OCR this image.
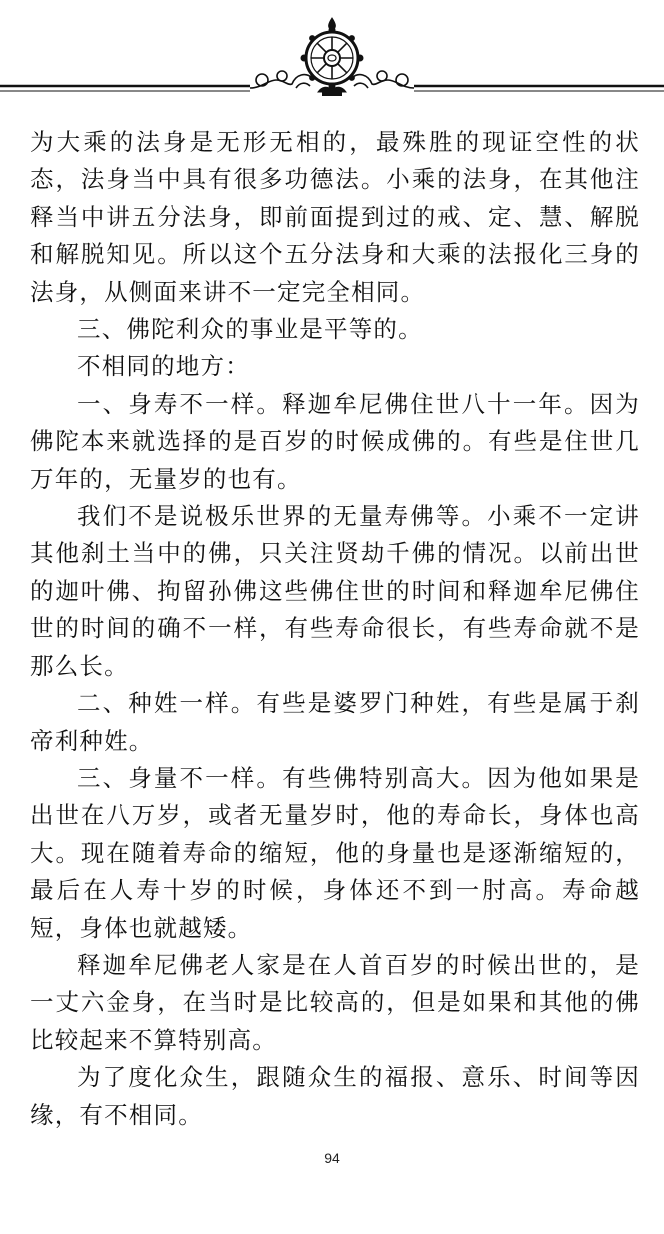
为大乘的法身是无形无相的，最殊胜的现证空性的状态，法身当中具有很多功德法。小乘的法身，在其他注释当中讲五分法身，即前面提到过的戒、定、慧、解脱和解脱知见。所以这个五分法身和大乘的法报化三身的法身，从侧面来讲不一定完全相同。

三、佛陀利众的事业是平等的。

不相同的地方：

一、身寿不一样。释迦牟尼佛住世八十一年。因为佛陀本来就选择的是百岁的时候成佛的。有些是住世几万年的，无量岁的也有。

我们不是说极乐世界的无量寿佛等。小乘不一定讲其他刹土当中的佛，只关注贤劫千佛的情况。以前出世的迦叶佛、拘留孙佛这些佛住世的时间和释迦牟尼佛住世的时间的确不一样，有些寿命很长，有些寿命就不是那么长。

二、种姓一样。有些是婆罗门种姓，有些是属于刹帝利种姓。

三、身量不一样。有些佛特别高大。因为他如果是出世在八万岁，或者无量岁时，他的寿命长，身体也高大。现在随着寿命的缩短，他的身量也是逐渐缩短的，最后在人寿十岁的时候，身体还不到一肘高。寿命越短，身体也就越矮。

释迦牟尼佛老人家是在人首百岁的时候出世的，是一丈六金身，在当时是比较高的，但是如果和其他的佛比较起来不算特别高。

为了度化众生，跟随众生的福报、意乐、时间等因缘，有不相同。

94
